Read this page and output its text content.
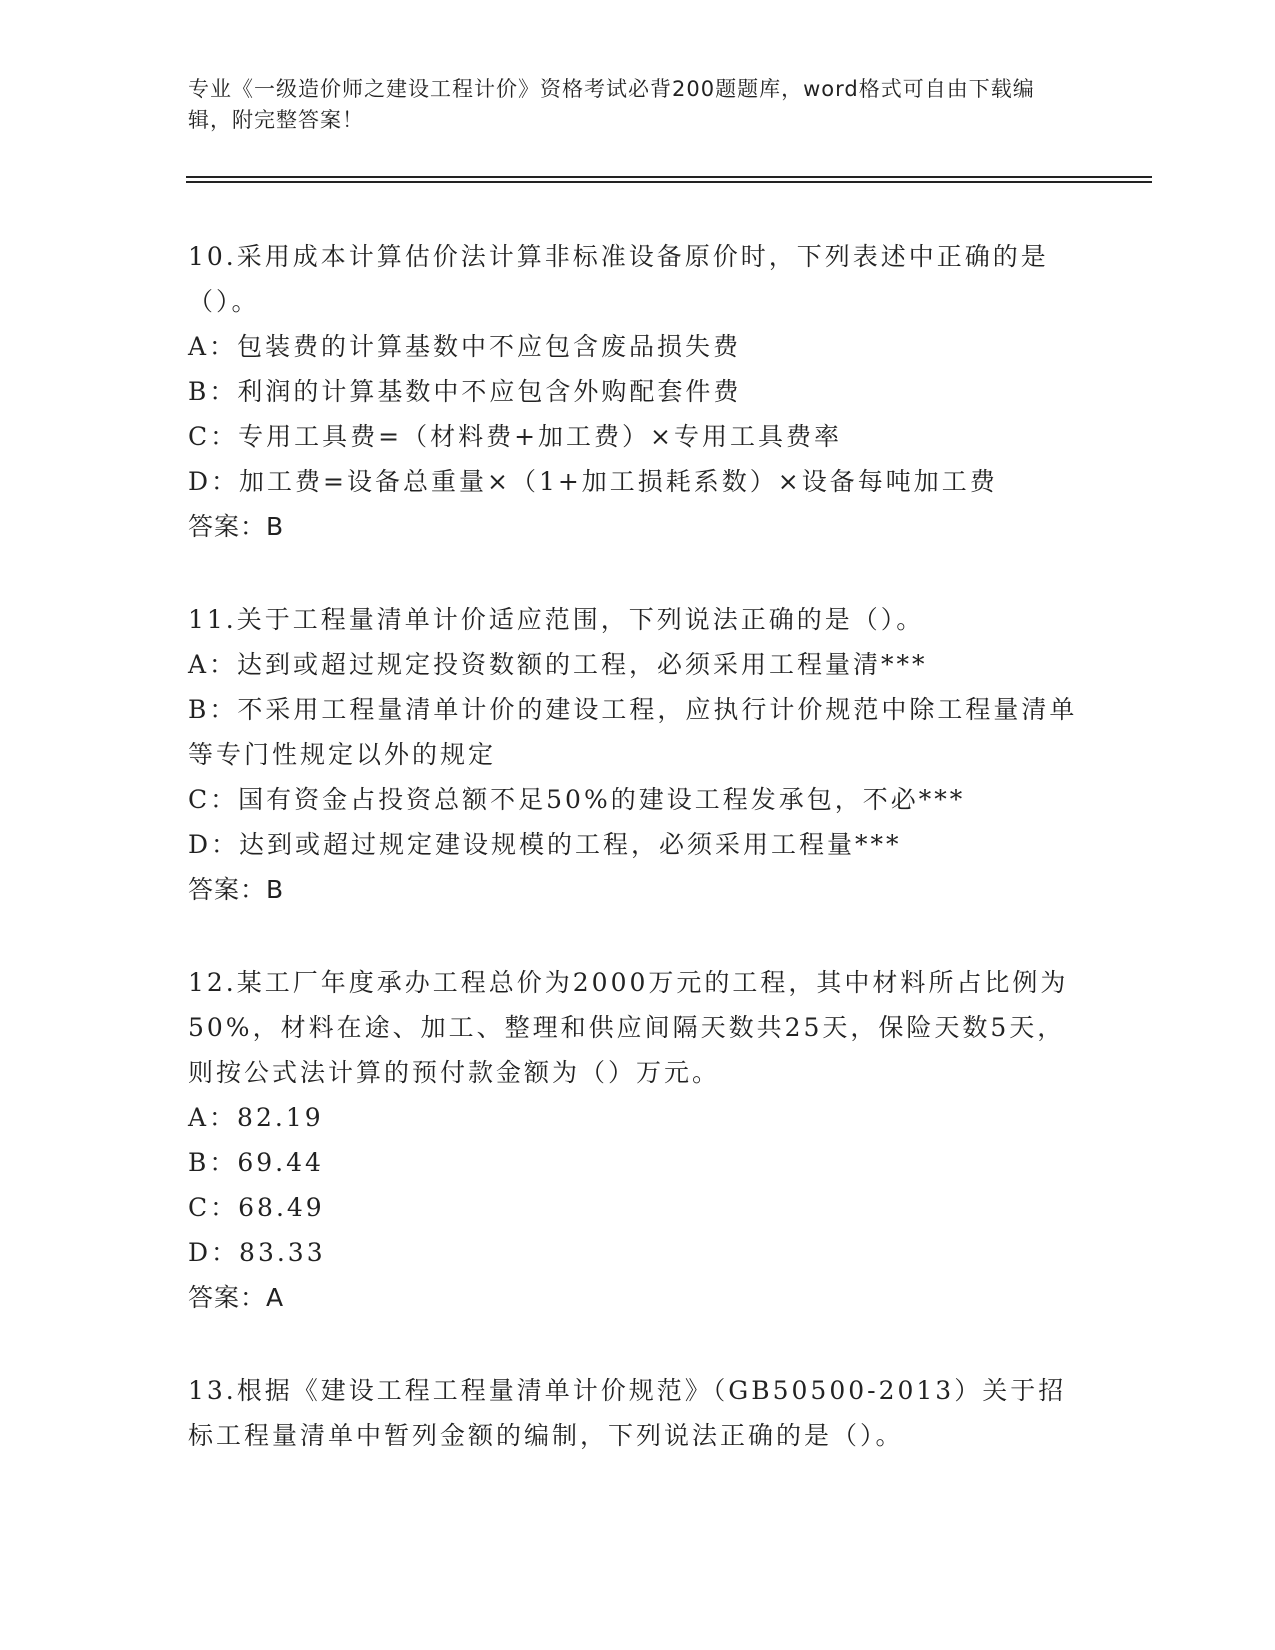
专业《一级造价师之建设工程计价》资格考试必背200题题库，word格式可自由下载编辑，附完整答案！

10.采用成本计算估价法计算非标准设备原价时，下列表述中正确的是（）。

A：包装费的计算基数中不应包含废品损失费

B：利润的计算基数中不应包含外购配套件费

C：专用工具费=（材料费+加工费）×专用工具费率

D：加工费=设备总重量×（1+加工损耗系数）×设备每吨加工费

答案：B

11.关于工程量清单计价适应范围，下列说法正确的是（）。

A：达到或超过规定投资数额的工程，必须采用工程量清***

B：不采用工程量清单计价的建设工程，应执行计价规范中除工程量清单等专门性规定以外的规定

C：国有资金占投资总额不足50%的建设工程发承包，不必***

D：达到或超过规定建设规模的工程，必须采用工程量***

答案：B

12.某工厂年度承办工程总价为2000万元的工程，其中材料所占比例为50%，材料在途、加工、整理和供应间隔天数共25天，保险天数5天，则按公式法计算的预付款金额为（）万元。

A：82.19

B：69.44

C：68.49

D：83.33

答案：A

13.根据《建设工程工程量清单计价规范》（GB50500-2013）关于招标工程量清单中暂列金额的编制，下列说法正确的是（）。
